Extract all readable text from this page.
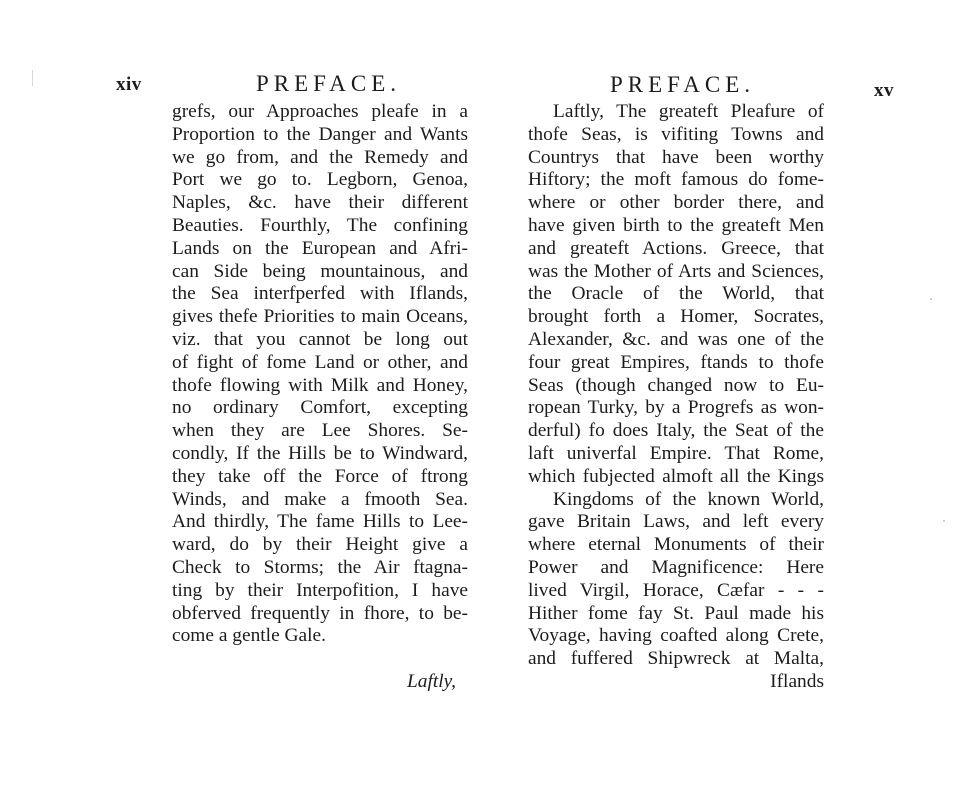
xiv	PREFACE.
grefs, our Approaches pleafe in a
Proportion to the Danger and Wants
we go from, and the Remedy and
Port we go to. Legborn, Genoa,
Naples, &c. have their different
Beauties. Fourthly, The confining
Lands on the European and Afri-
can Side being mountainous, and
the Sea interfperfed with Iflands,
gives thefe Priorities to main Oceans,
viz. that you cannot be long out
of fight of fome Land or other, and
thofe flowing with Milk and Honey,
no ordinary Comfort, excepting
when they are Lee Shores. Se-
condly, If the Hills be to Windward,
they take off the Force of ftrong
Winds, and make a fmooth Sea.
And thirdly, The fame Hills to Lee-
ward, do by their Height give a
Check to Storms; the Air ftagna-
ting by their Interpofition, I have
obferved frequently in fhore, to be-
come a gentle Gale.
Laftly,
PREFACE.	xv
Laftly, The greateft Pleafure of
thofe Seas, is vifiting Towns and
Countrys that have been worthy
Hiftory; the moft famous do fome-
where or other border there, and
have given birth to the greateft Men
and greateft Actions. Greece, that
was the Mother of Arts and Sciences,
the Oracle of the World, that
brought forth a Homer, Socrates,
Alexander, &c. and was one of the
four great Empires, ftands to thofe
Seas (though changed now to Eu-
ropean Turky, by a Progrefs as won-
derful) fo does Italy, the Seat of the
laft univerfal Empire. That Rome,
which fubjected almoft all the Kings
Kingdoms of the known World,
gave Britain Laws, and left every
where eternal Monuments of their
Power and Magnificence: Here
lived Virgil, Horace, Cæfar - - -
Hither fome fay St. Paul made his
Voyage, having coafted along Crete,
and fuffered Shipwreck at Malta,
Iflands
